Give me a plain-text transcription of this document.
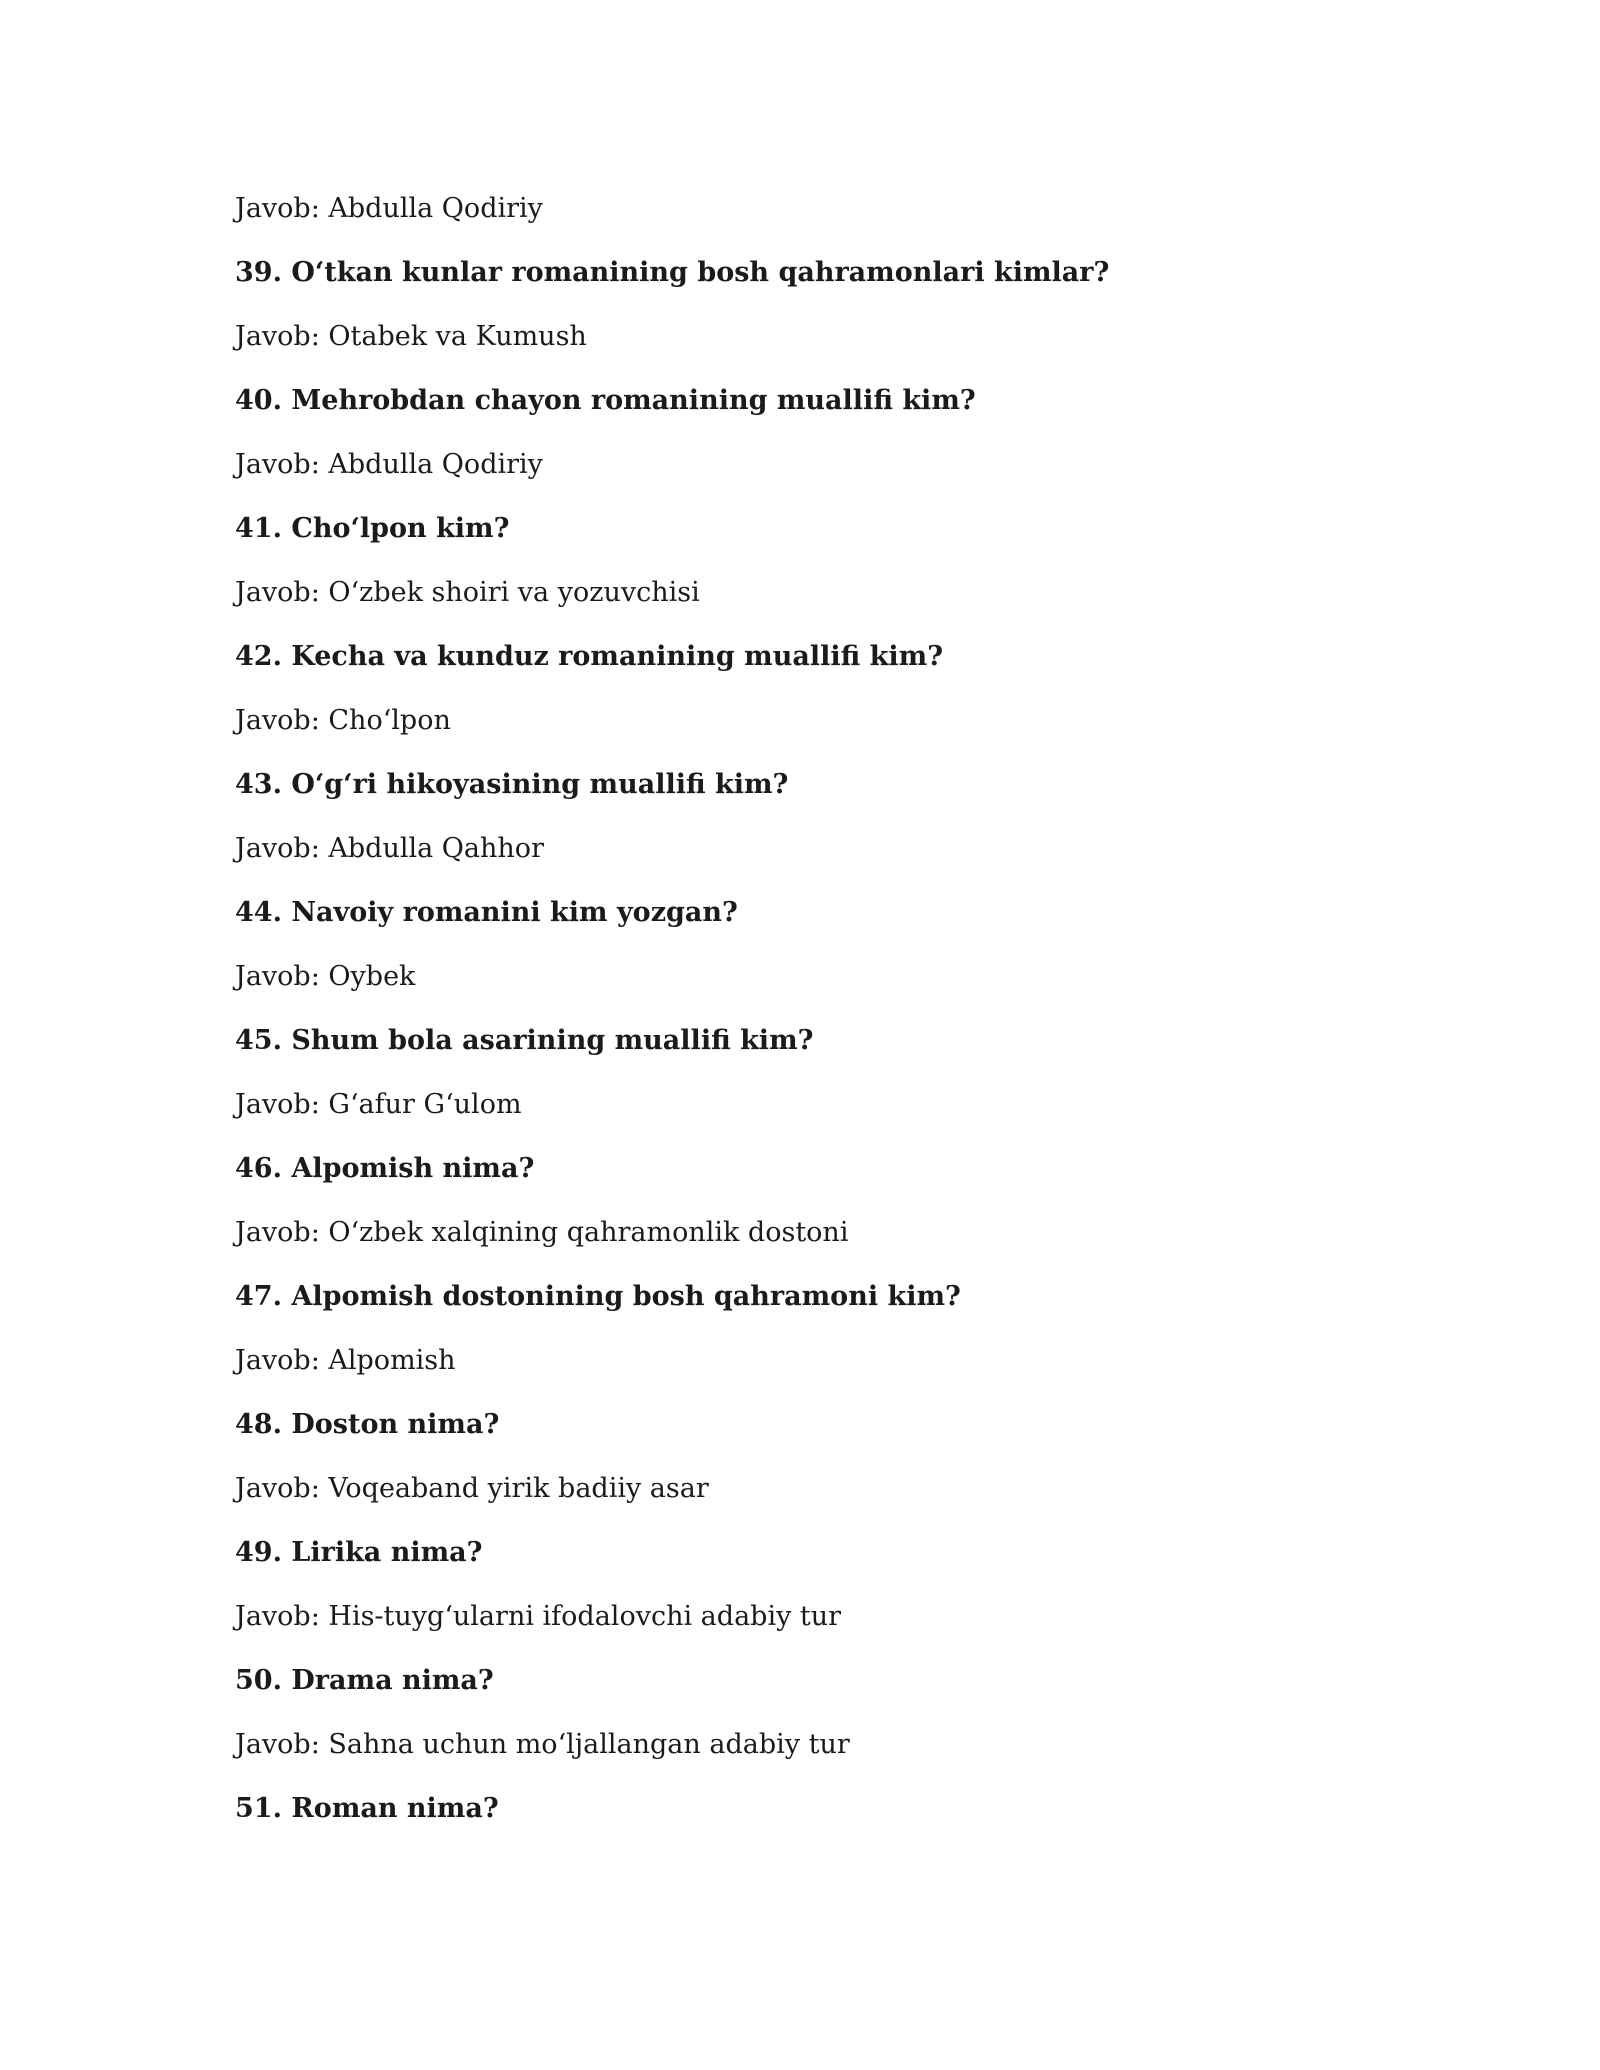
Javob: Abdulla Qodiriy
39. O‘tkan kunlar romanining bosh qahramonlari kimlar?
Javob: Otabek va Kumush
40. Mehrobdan chayon romanining muallifi kim?
Javob: Abdulla Qodiriy
41. Cho‘lpon kim?
Javob: O‘zbek shoiri va yozuvchisi
42. Kecha va kunduz romanining muallifi kim?
Javob: Cho‘lpon
43. O‘g‘ri hikoyasining muallifi kim?
Javob: Abdulla Qahhor
44. Navoiy romanini kim yozgan?
Javob: Oybek
45. Shum bola asarining muallifi kim?
Javob: G‘afur G‘ulom
46. Alpomish nima?
Javob: O‘zbek xalqining qahramonlik dostoni
47. Alpomish dostonining bosh qahramoni kim?
Javob: Alpomish
48. Doston nima?
Javob: Voqeaband yirik badiiy asar
49. Lirika nima?
Javob: His-tuyg‘ularni ifodalovchi adabiy tur
50. Drama nima?
Javob: Sahna uchun mo‘ljallangan adabiy tur
51. Roman nima?
